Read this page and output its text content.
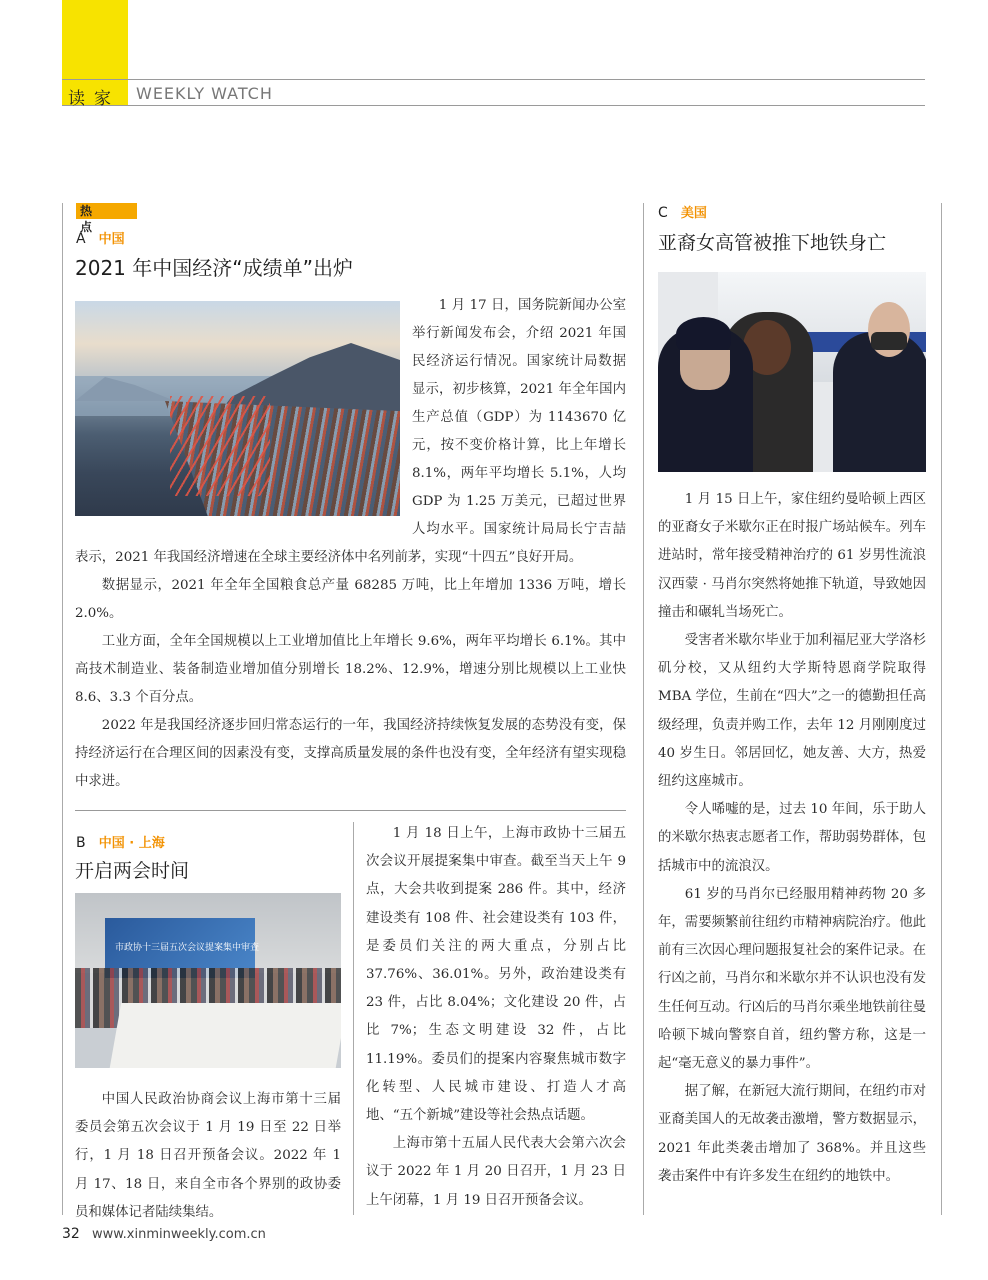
读家 WEEKLY WATCH
热点
A 中国
2021 年中国经济“成绩单”出炉

1 月 17 日，国务院新闻办公室举行新闻发布会，介绍 2021 年国民经济运行情况。国家统计局数据显示，初步核算，2021 年全年国内生产总值（GDP）为 1143670 亿元，按不变价格计算，比上年增长 8.1%，两年平均增长 5.1%，人均 GDP 为 1.25 万美元，已超过世界人均水平。国家统计局局长宁吉喆表示，2021 年我国经济增速在全球主要经济体中名列前茅，实现“十四五”良好开局。

数据显示，2021 年全年全国粮食总产量 68285 万吨，比上年增加 1336 万吨，增长 2.0%。

工业方面，全年全国规模以上工业增加值比上年增长 9.6%，两年平均增长 6.1%。其中高技术制造业、装备制造业增加值分别增长 18.2%、12.9%，增速分别比规模以上工业快 8.6、3.3 个百分点。

2022 年是我国经济逐步回归常态运行的一年，我国经济持续恢复发展的态势没有变，保持经济运行在合理区间的因素没有变，支撑高质量发展的条件也没有变，全年经济有望实现稳中求进。

B 中国 · 上海
开启两会时间
市政协十三届五次会议提案集中审查

中国人民政治协商会议上海市第十三届委员会第五次会议于 1 月 19 日至 22 日举行，1 月 18 日召开预备会议。2022 年 1 月 17、18 日，来自全市各个界别的政协委员和媒体记者陆续集结。

1 月 18 日上午，上海市政协十三届五次会议开展提案集中审查。截至当天上午 9 点，大会共收到提案 286 件。其中，经济建设类有 108 件、社会建设类有 103 件，是委员们关注的两大重点，分别占比 37.76%、36.01%。另外，政治建设类有 23 件，占比 8.04%；文化建设 20 件，占比 7%；生态文明建设 32 件，占比 11.19%。委员们的提案内容聚焦城市数字化转型、人民城市建设、打造人才高地、“五个新城”建设等社会热点话题。

上海市第十五届人民代表大会第六次会议于 2022 年 1 月 20 日召开，1 月 23 日上午闭幕，1 月 19 日召开预备会议。

C 美国
亚裔女高管被推下地铁身亡

1 月 15 日上午，家住纽约曼哈顿上西区的亚裔女子米歇尔正在时报广场站候车。列车进站时，常年接受精神治疗的 61 岁男性流浪汉西蒙 · 马肖尔突然将她推下轨道，导致她因撞击和碾轧当场死亡。

受害者米歇尔毕业于加利福尼亚大学洛杉矶分校，又从纽约大学斯特恩商学院取得 MBA 学位，生前在“四大”之一的德勤担任高级经理，负责并购工作，去年 12 月刚刚度过 40 岁生日。邻居回忆，她友善、大方，热爱纽约这座城市。

令人唏嘘的是，过去 10 年间，乐于助人的米歇尔热衷志愿者工作，帮助弱势群体，包括城市中的流浪汉。

61 岁的马肖尔已经服用精神药物 20 多年，需要频繁前往纽约市精神病院治疗。他此前有三次因心理问题报复社会的案件记录。在行凶之前，马肖尔和米歇尔并不认识也没有发生任何互动。行凶后的马肖尔乘坐地铁前往曼哈顿下城向警察自首，纽约警方称，这是一起“毫无意义的暴力事件”。

据了解，在新冠大流行期间，在纽约市对亚裔美国人的无故袭击激增，警方数据显示，2021 年此类袭击增加了 368%。并且这些袭击案件中有许多发生在纽约的地铁中。

32 www.xinminweekly.com.cn
